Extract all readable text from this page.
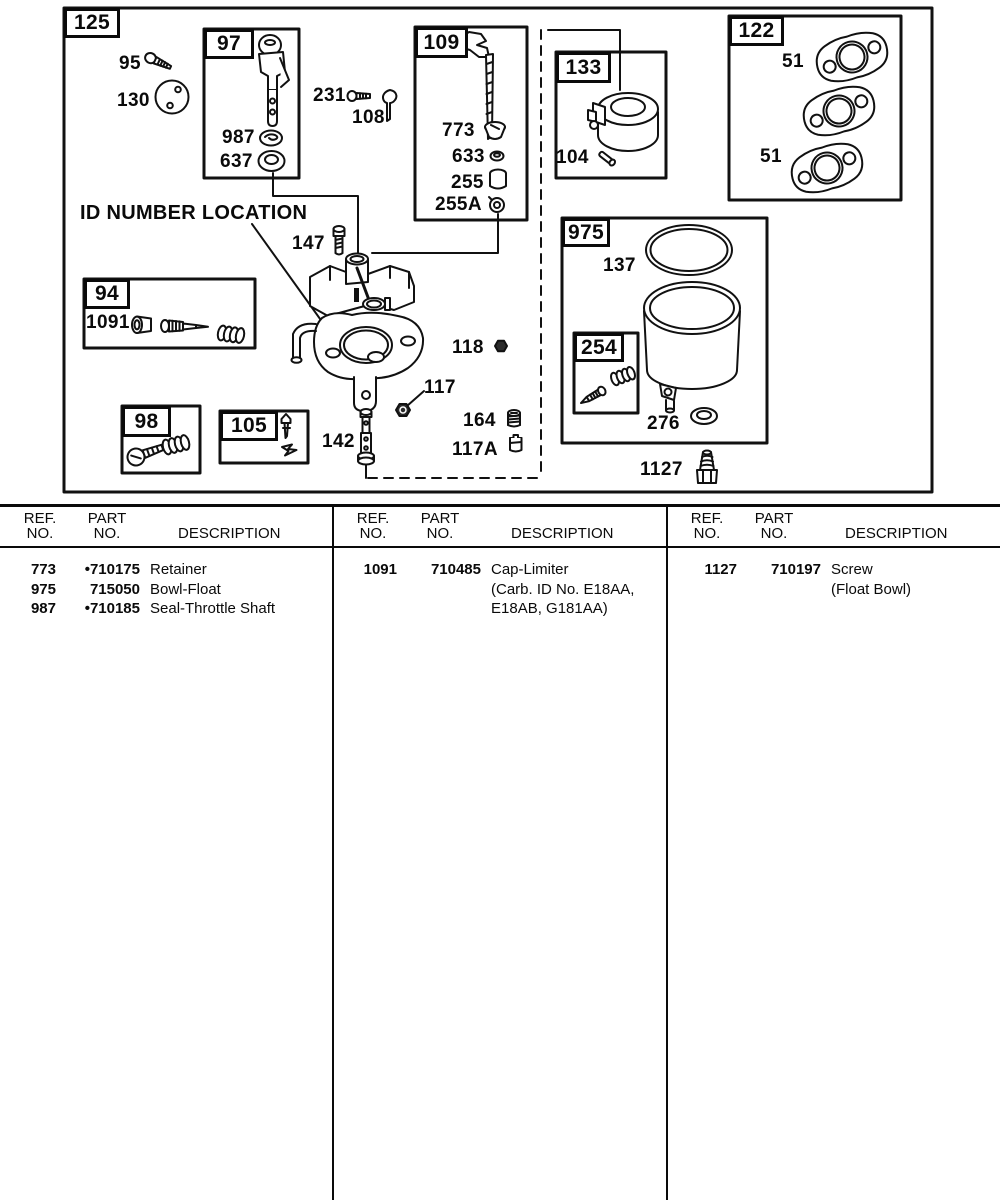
125
97	109
133
122
975
94
98	105
254
95
130	231
108
987
637
773
633
255
255A
104
51
51
147
1091
118
117
142
164
117A
137
276
1127
ID NUMBER LOCATION
REF.
NO.
PART
NO.	DESCRIPTION
773	•710175 Retainer
975	715050 Bowl-Float
987	•710185 Seal-Throttle Shaft
REF.
NO.
PART
NO.	DESCRIPTION
1091	710485 Cap-Limiter
(Carb. ID No. E18AA,
E18AB, G181AA)
REF.
NO.
PART
NO.	DESCRIPTION
1127	710197 Screw
(Float Bowl)
